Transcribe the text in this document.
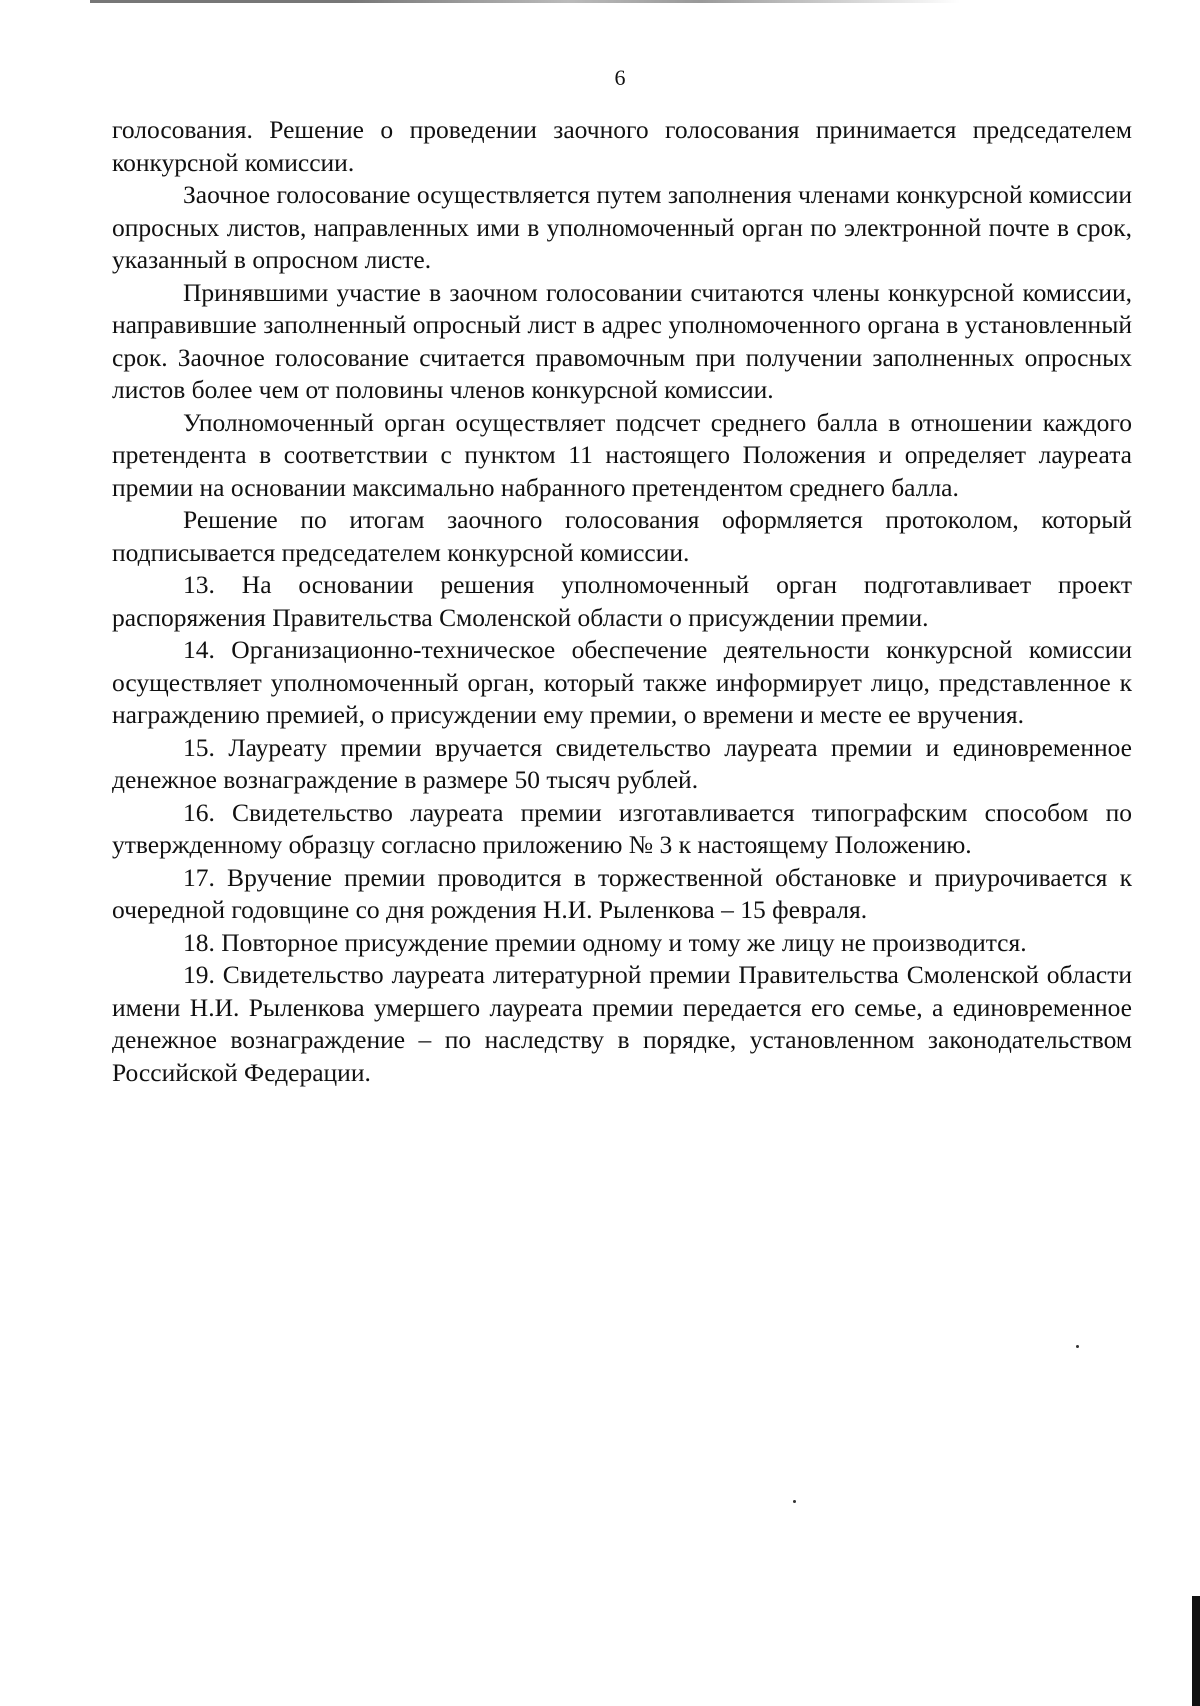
6

голосования. Решение о проведении заочного голосования принимается председателем конкурсной комиссии.

Заочное голосование осуществляется путем заполнения членами конкурсной комиссии опросных листов, направленных ими в уполномоченный орган по электронной почте в срок, указанный в опросном листе.

Принявшими участие в заочном голосовании считаются члены конкурсной комиссии, направившие заполненный опросный лист в адрес уполномоченного органа в установленный срок. Заочное голосование считается правомочным при получении заполненных опросных листов более чем от половины членов конкурсной комиссии.

Уполномоченный орган осуществляет подсчет среднего балла в отношении каждого претендента в соответствии с пунктом 11 настоящего Положения и определяет лауреата премии на основании максимально набранного претендентом среднего балла.

Решение по итогам заочного голосования оформляется протоколом, который подписывается председателем конкурсной комиссии.

13. На основании решения уполномоченный орган подготавливает проект распоряжения Правительства Смоленской области о присуждении премии.

14. Организационно-техническое обеспечение деятельности конкурсной комиссии осуществляет уполномоченный орган, который также информирует лицо, представленное к награждению премией, о присуждении ему премии, о времени и месте ее вручения.

15. Лауреату премии вручается свидетельство лауреата премии и единовременное денежное вознаграждение в размере 50 тысяч рублей.

16. Свидетельство лауреата премии изготавливается типографским способом по утвержденному образцу согласно приложению № 3 к настоящему Положению.

17. Вручение премии проводится в торжественной обстановке и приурочивается к очередной годовщине со дня рождения Н.И. Рыленкова – 15 февраля.

18. Повторное присуждение премии одному и тому же лицу не производится.

19. Свидетельство лауреата литературной премии Правительства Смоленской области имени Н.И. Рыленкова умершего лауреата премии передается его семье, а единовременное денежное вознаграждение – по наследству в порядке, установленном законодательством Российской Федерации.
